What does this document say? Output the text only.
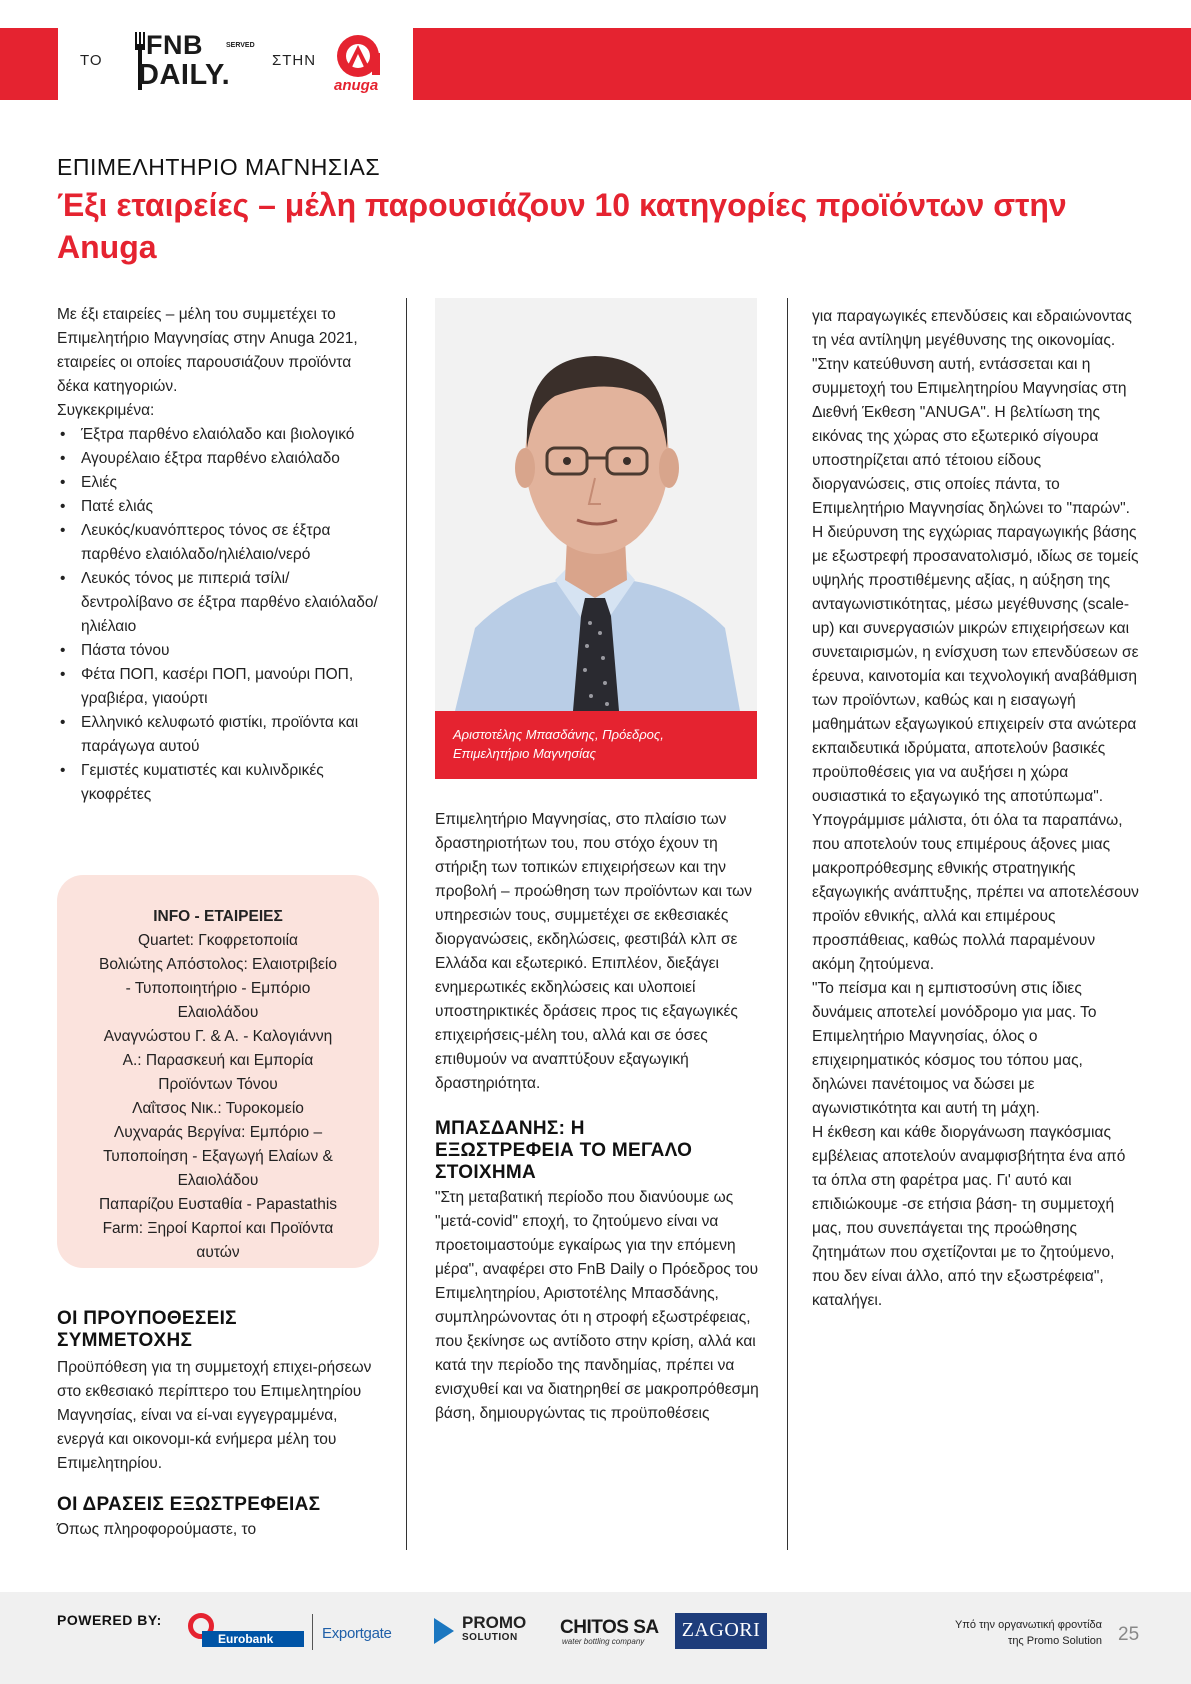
ΤΟ
FNB	SERVED
DAILY.	ΣΤΗΝ
anuga
ΕΠΙΜΕΛΗΤΗΡΙΟ ΜΑΓΝΗΣΙΑΣ
Έξι εταιρείες – μέλη παρουσιάζουν 10 κατηγορίες προϊόντων στην Anuga

Με έξι εταιρείες – μέλη του συμμετέχει το Επιμελητήριο Μαγνησίας στην Anuga 2021, εταιρείες οι οποίες παρουσιάζουν προϊόντα δέκα κατηγοριών.

Συγκεκριμένα:

• Έξτρα παρθένο ελαιόλαδο και βιολογικό
• Αγουρέλαιο έξτρα παρθένο ελαιόλαδο
• Ελιές
• Πατέ ελιάς
• Λευκός/κυανόπτερος τόνος σε έξτρα παρθένο ελαιόλαδο/ηλιέλαιο/νερό
• Λευκός τόνος με πιπεριά τσίλι/ δεντρολίβανο σε έξτρα παρθένο ελαιόλαδο/ηλιέλαιο
• Πάστα τόνου
• Φέτα ΠΟΠ, κασέρι ΠΟΠ, μανούρι ΠΟΠ, γραβιέρα, γιαούρτι
• Ελληνικό κελυφωτό φιστίκι, προϊόντα και παράγωγα αυτού
• Γεμιστές κυματιστές και κυλινδρικές γκοφρέτες
INFO - ΕΤΑΙΡΕΙΕΣ

Quartet: Γκοφρετοποιία

Βολιώτης Απόστολος: Ελαιοτριβείο

- Τυποποιητήριο - Εμπόριο

Ελαιολάδου

Αναγνώστου Γ. & Α. - Καλογιάννη

Α.: Παρασκευή και Εμπορία

Προϊόντων Τόνου

Λαΐτσος Νικ.: Τυροκομείο

Λυχναράς Βεργίνα: Εμπόριο –

Τυποποίηση - Εξαγωγή Ελαίων &

Ελαιολάδου

Παπαρίζου Ευσταθία - Papastathis

Farm: Ξηροί Καρποί και Προϊόντα

αυτών

ΟΙ ΠΡΟΥΠΟΘΕΣΕΙΣ ΣΥΜΜΕΤΟΧΗΣ

Προϋπόθεση για τη συμμετοχή επιχει-ρήσεων στο εκθεσιακό περίπτερο του Επιμελητηρίου Μαγνησίας, είναι να εί-ναι εγγεγραμμένα, ενεργά και οικονομι-κά ενήμερα μέλη του Επιμελητηρίου.

ΟΙ ΔΡΑΣΕΙΣ ΕΞΩΣΤΡΕΦΕΙΑΣ

Όπως πληροφορούμαστε, το

Αριστοτέλης Μπασδάνης, Πρόεδρος, Επιμελητήριο Μαγνησίας

Επιμελητήριο Μαγνησίας, στο πλαίσιο των δραστηριοτήτων του, που στόχο έχουν τη στήριξη των τοπικών επιχειρήσεων και την προβολή – προώθηση των προϊόντων και των υπηρεσιών τους, συμμετέχει σε εκθεσιακές διοργανώσεις, εκδηλώσεις, φεστιβάλ κλπ σε Ελλάδα και εξωτερικό. Επιπλέον, διεξάγει ενημερωτικές εκδηλώσεις και υλοποιεί υποστηρικτικές δράσεις προς τις εξαγωγικές επιχειρήσεις-μέλη του, αλλά και σε όσες επιθυμούν να αναπτύξουν εξαγωγική δραστηριότητα.

ΜΠΑΣΔΑΝΗΣ: Η ΕΞΩΣΤΡΕΦΕΙΑ ΤΟ ΜΕΓΑΛΟ ΣΤΟΙΧΗΜΑ

"Στη μεταβατική περίοδο που διανύουμε ως "μετά-covid" εποχή, το ζητούμενο είναι να προετοιμαστούμε εγκαίρως για την επόμενη μέρα", αναφέρει στο FnB Daily ο Πρόεδρος του Επιμελητηρίου, Αριστοτέλης Μπασδάνης, συμπληρώνοντας ότι η στροφή εξωστρέφειας, που ξεκίνησε ως αντίδοτο στην κρίση, αλλά και κατά την περίοδο της πανδημίας, πρέπει να ενισχυθεί και να διατηρηθεί σε μακροπρόθεσμη βάση, δημιουργώντας τις προϋποθέσεις

για παραγωγικές επενδύσεις και εδραιώνοντας τη νέα αντίληψη μεγέθυνσης της οικονομίας.

"Στην κατεύθυνση αυτή, εντάσσεται και η συμμετοχή του Επιμελητηρίου Μαγνησίας στη Διεθνή Έκθεση "ANUGA". Η βελτίωση της εικόνας της χώρας στο εξωτερικό σίγουρα υποστηρίζεται από τέτοιου είδους διοργανώσεις, στις οποίες πάντα, το Επιμελητήριο Μαγνησίας δηλώνει το "παρών". Η διεύρυνση της εγχώριας παραγωγικής βάσης με εξωστρεφή προσανατολισμό, ιδίως σε τομείς υψηλής προστιθέμενης αξίας, η αύξηση της ανταγωνιστικότητας, μέσω μεγέθυνσης (scale-up) και συνεργασιών μικρών επιχειρήσεων και συνεταιρισμών, η ενίσχυση των επενδύσεων σε έρευνα, καινοτομία και τεχνολογική αναβάθμιση των προϊόντων, καθώς και η εισαγωγή μαθημάτων εξαγωγικού επιχειρείν στα ανώτερα εκπαιδευτικά ιδρύματα, αποτελούν βασικές προϋποθέσεις για να αυξήσει η χώρα ουσιαστικά το εξαγωγικό της αποτύπωμα".

Υπογράμμισε μάλιστα, ότι όλα τα παραπάνω, που αποτελούν τους επιμέρους άξονες μιας μακροπρόθεσμης εθνικής στρατηγικής εξαγωγικής ανάπτυξης, πρέπει να αποτελέσουν προϊόν εθνικής, αλλά και επιμέρους προσπάθειας, καθώς πολλά παραμένουν ακόμη ζητούμενα.

"Το πείσμα και η εμπιστοσύνη στις ίδιες δυνάμεις αποτελεί μονόδρομο για μας. Το Επιμελητήριο Μαγνησίας, όλος ο επιχειρηματικός κόσμος του τόπου μας, δηλώνει πανέτοιμος να δώσει με αγωνιστικότητα και αυτή τη μάχη.

Η έκθεση και κάθε διοργάνωση παγκόσμιας εμβέλειας αποτελούν αναμφισβήτητα ένα από τα όπλα στη φαρέτρα μας. Γι' αυτό και επιδιώκουμε -σε ετήσια βάση- τη συμμετοχή μας, που συνεπάγεται της προώθησης ζητημάτων που σχετίζονται με το ζητούμενο, που δεν είναι άλλο, από την εξωστρέφεια", καταλήγει.

POWERED BY:
Eurobank	Exportgate
PROMO
SOLUTION CHITOS SA
water bottling company
ZAGORI	Υπό την οργανωτική φροντίδα
της Promo Solution 25
